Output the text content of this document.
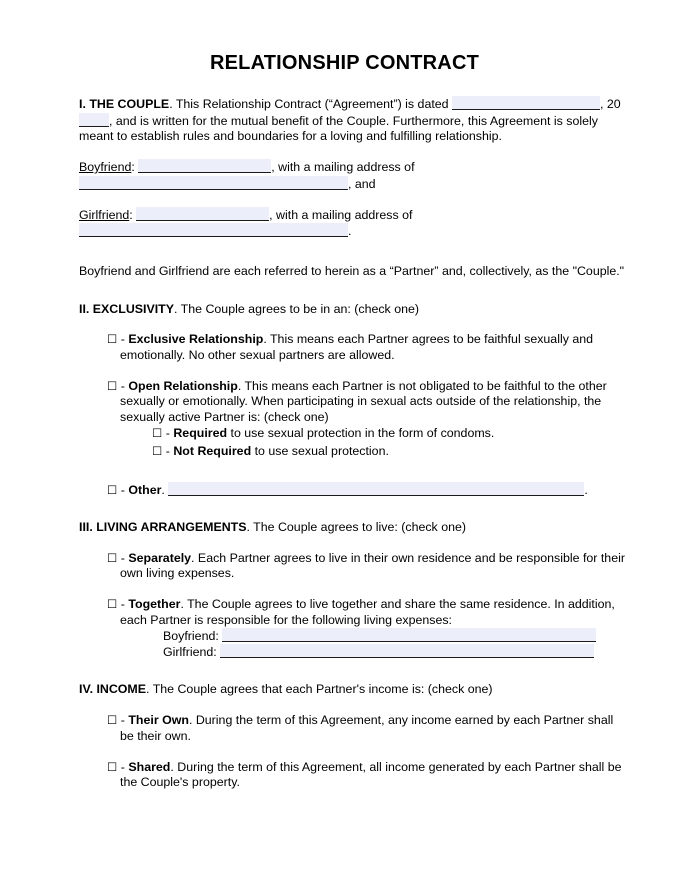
RELATIONSHIP CONTRACT
I. THE COUPLE. This Relationship Contract (“Agreement”) is dated	, 20, and is written for the mutual benefit of the Couple. Furthermore, this Agreement is solely meant to establish rules and boundaries for a loving and fulfilling relationship.
Boyfriend:	, with a mailing address of
, and
Girlfriend:	, with a mailing address of
.
Boyfriend and Girlfriend are each referred to herein as a “Partner” and, collectively, as the "Couple."
II. EXCLUSIVITY. The Couple agrees to be in an: (check one)
☐ - Exclusive Relationship. This means each Partner agrees to be faithful sexually and emotionally. No other sexual partners are allowed.
☐ - Open Relationship. This means each Partner is not obligated to be faithful to the other sexually or emotionally. When participating in sexual acts outside of the relationship, the sexually active Partner is: (check one)
☐ - Required to use sexual protection in the form of condoms.
☐ - Not Required to use sexual protection.
☐ - Other.	.
III. LIVING ARRANGEMENTS. The Couple agrees to live: (check one)
☐ - Separately. Each Partner agrees to live in their own residence and be responsible for their own living expenses.
☐ - Together. The Couple agrees to live together and share the same residence. In addition, each Partner is responsible for the following living expenses:
Boyfriend:
Girlfriend:
IV. INCOME. The Couple agrees that each Partner's income is: (check one)
☐ - Their Own. During the term of this Agreement, any income earned by each Partner shall be their own.
☐ - Shared. During the term of this Agreement, all income generated by each Partner shall be the Couple's property.
